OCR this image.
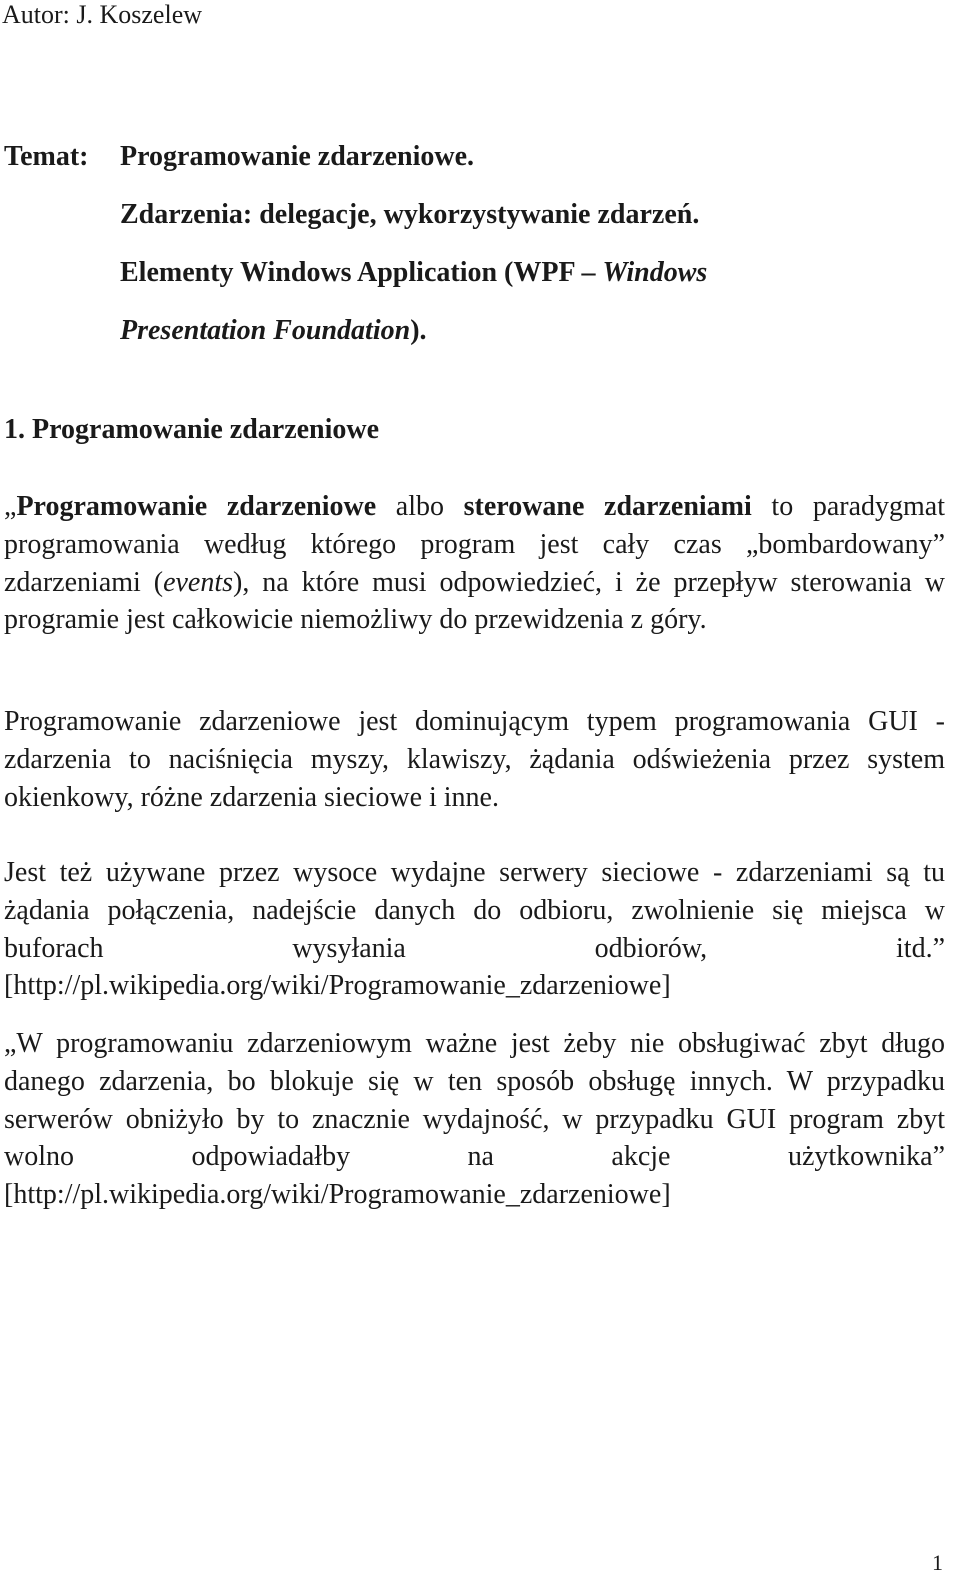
Autor: J. Koszelew
Temat: Programowanie zdarzeniowe.
Zdarzenia: delegacje, wykorzystywanie zdarzeń.
Elementy Windows Application (WPF – Windows
Presentation Foundation).
1. Programowanie zdarzeniowe

„Programowanie zdarzeniowe albo sterowane zdarzeniami to paradygmat programowania według którego program jest cały czas „bombardowany” zdarzeniami (events), na które musi odpowiedzieć, i że przepływ sterowania w programie jest całkowicie niemożliwy do przewidzenia z góry.

Programowanie zdarzeniowe jest dominującym typem programowania GUI - zdarzenia to naciśnięcia myszy, klawiszy, żądania odświeżenia przez system okienkowy, różne zdarzenia sieciowe i inne.

Jest też używane przez wysoce wydajne serwery sieciowe - zdarzeniami są tu żądania połączenia, nadejście danych do odbioru, zwolnienie się miejsca w buforach wysyłania odbiorów, itd.” [http://pl.wikipedia.org/wiki/Programowanie_zdarzeniowe]

„W programowaniu zdarzeniowym ważne jest żeby nie obsługiwać zbyt długo danego zdarzenia, bo blokuje się w ten sposób obsługę innych. W przypadku serwerów obniżyło by to znacznie wydajność, w przypadku GUI program zbyt wolno odpowiadałby na akcje użytkownika” [http://pl.wikipedia.org/wiki/Programowanie_zdarzeniowe]

1
